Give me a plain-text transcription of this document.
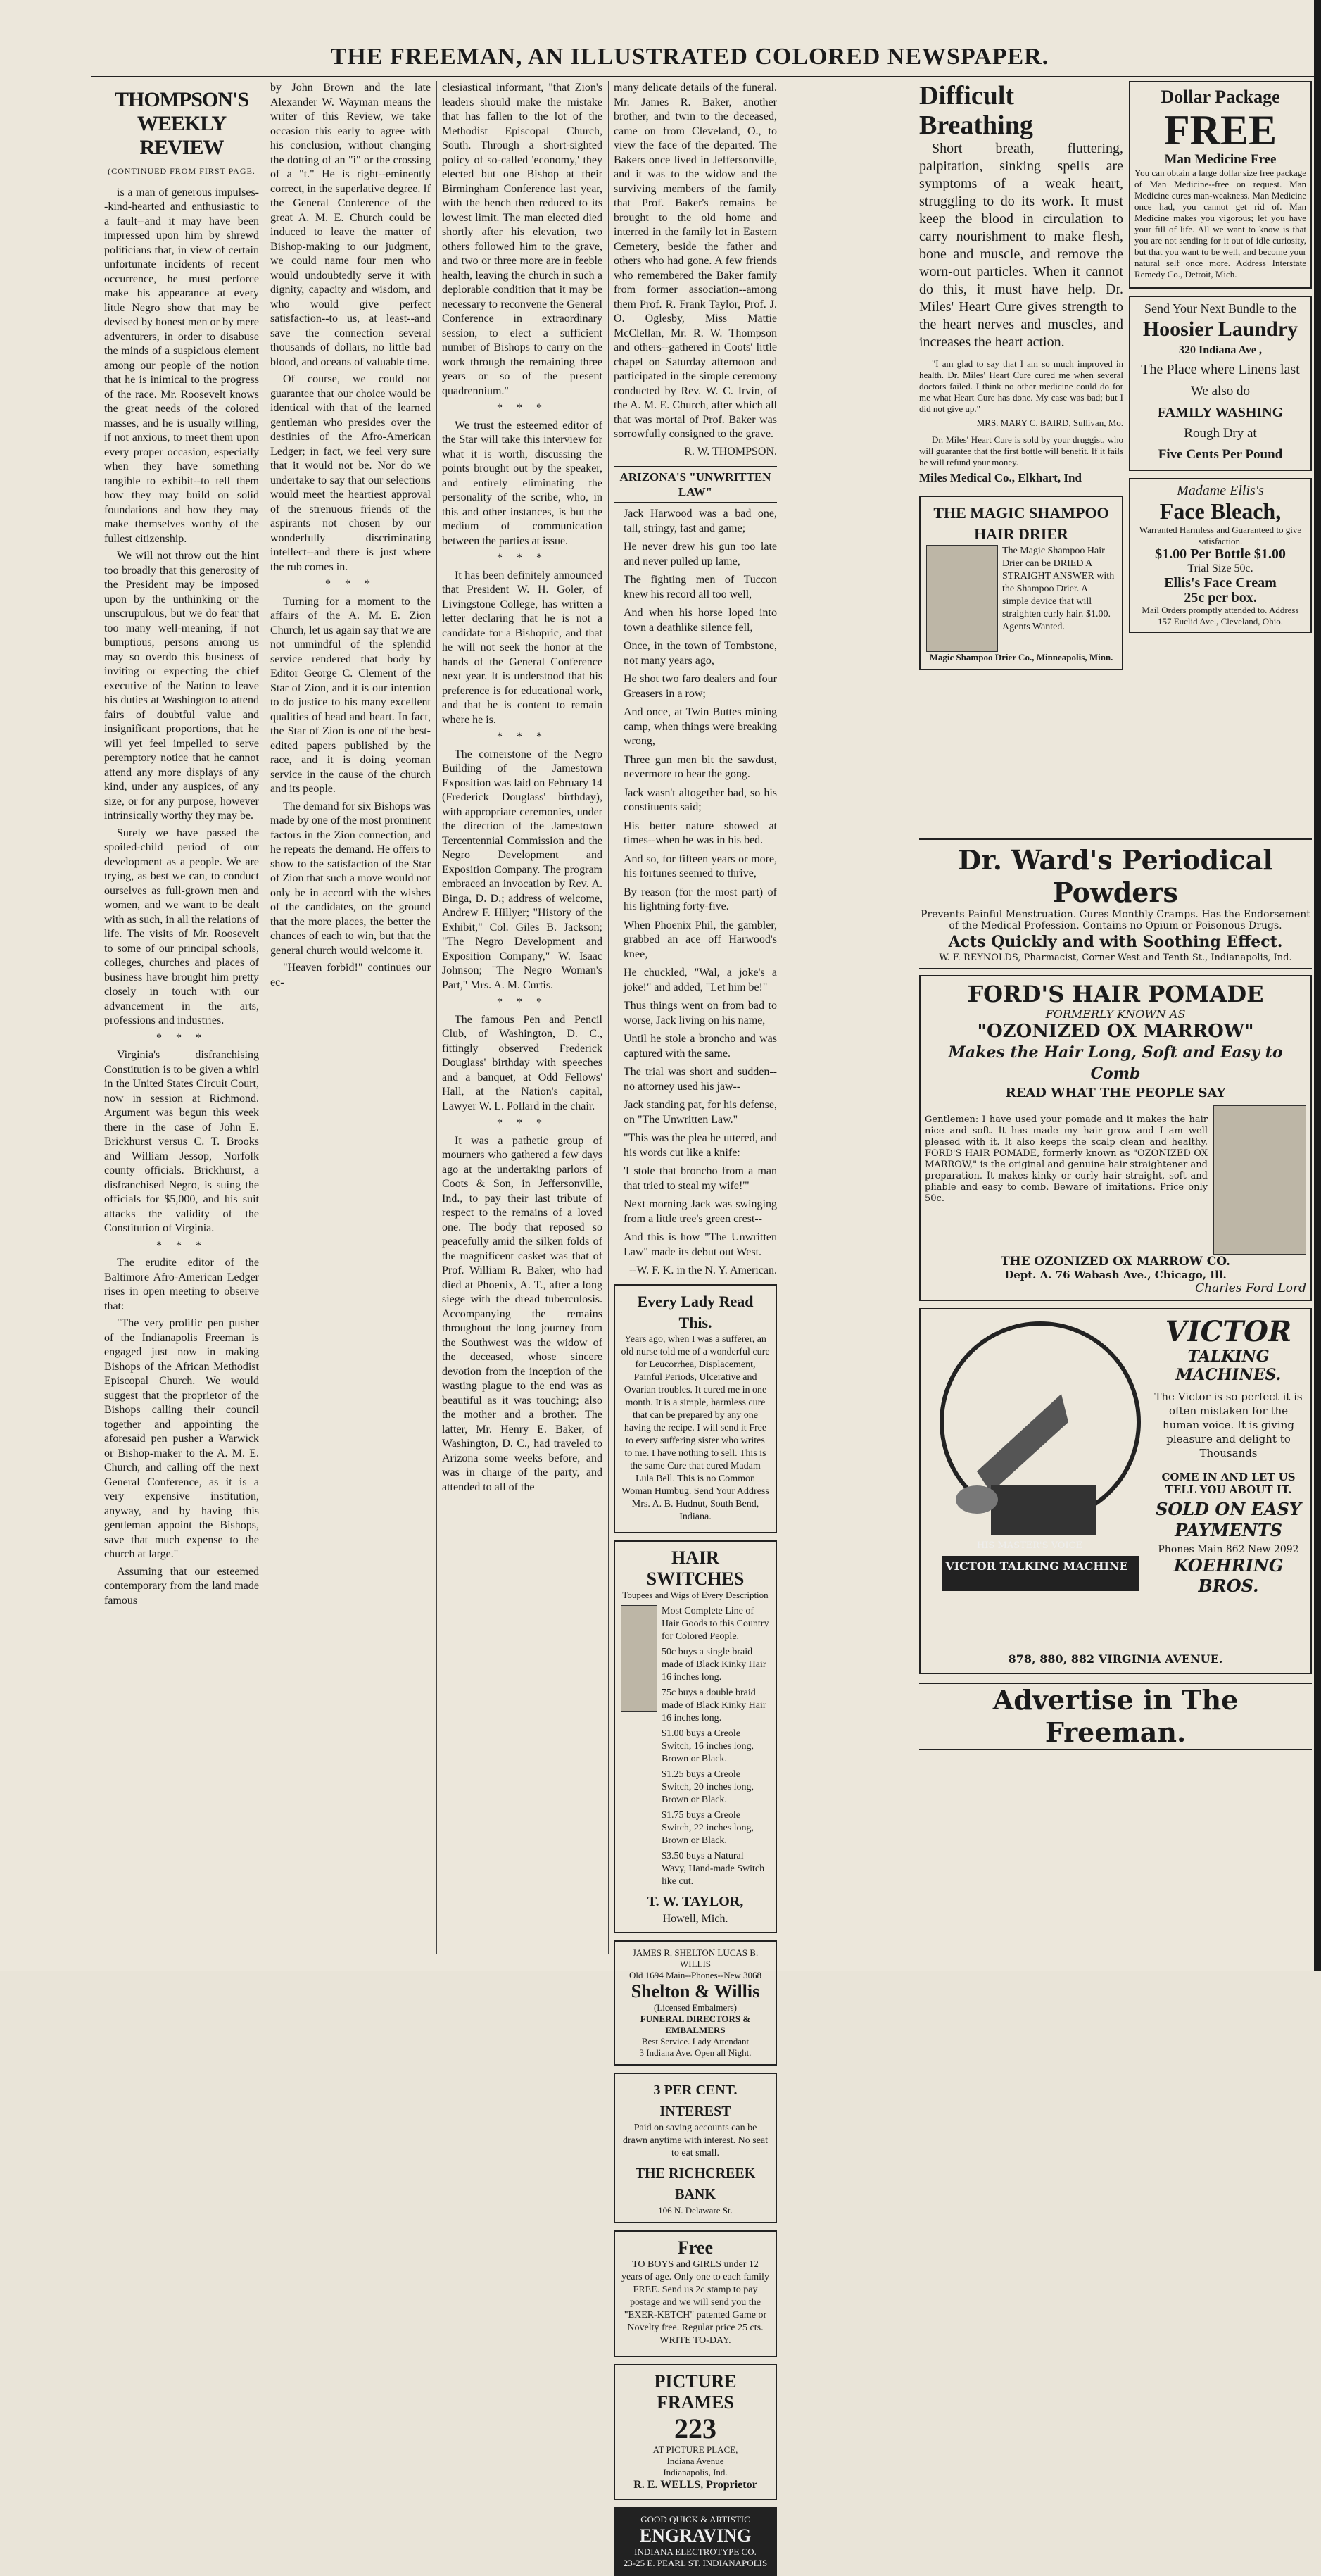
THE FREEMAN, AN ILLUSTRATED COLORED NEWSPAPER.
THOMPSON'S WEEKLY REVIEW
(CONTINUED FROM FIRST PAGE.

is a man of generous impulses--kind-hearted and enthusiastic to a fault--and it may have been impressed upon him by shrewd politicians that, in view of certain unfortunate incidents of recent occurrence, he must perforce make his appearance at every little Negro show that may be devised by honest men or by mere adventurers, in order to disabuse the minds of a suspicious element among our people of the notion that he is inimical to the progress of the race. Mr. Roosevelt knows the great needs of the colored masses, and he is usually willing, if not anxious, to meet them upon every proper occasion, especially when they have something tangible to exhibit--to tell them how they may build on solid foundations and how they may make themselves worthy of the fullest citizenship.

We will not throw out the hint too broadly that this generosity of the President may be imposed upon by the unthinking or the unscrupulous, but we do fear that too many well-meaning, if not bumptious, persons among us may so overdo this business of inviting or expecting the chief executive of the Nation to leave his duties at Washington to attend fairs of doubtful value and insignificant proportions, that he will yet feel impelled to serve peremptory notice that he cannot attend any more displays of any kind, under any auspices, of any size, or for any purpose, however intrinsically worthy they may be.

Surely we have passed the spoiled-child period of our development as a people. We are trying, as best we can, to conduct ourselves as full-grown men and women, and we want to be dealt with as such, in all the relations of life. The visits of Mr. Roosevelt to some of our principal schools, colleges, churches and places of business have brought him pretty closely in touch with our advancement in the arts, professions and industries.

* * *

Virginia's disfranchising Constitution is to be given a whirl in the United States Circuit Court, now in session at Richmond. Argument was begun this week there in the case of John E. Brickhurst versus C. T. Brooks and William Jessop, Norfolk county officials. Brickhurst, a disfranchised Negro, is suing the officials for $5,000, and his suit attacks the validity of the Constitution of Virginia.

* * *

The erudite editor of the Baltimore Afro-American Ledger rises in open meeting to observe that:

"The very prolific pen pusher of the Indianapolis Freeman is engaged just now in making Bishops of the African Methodist Episcopal Church. We would suggest that the proprietor of the Bishops calling their council together and appointing the aforesaid pen pusher a Warwick or Bishop-maker to the A. M. E. Church, and calling off the next General Conference, as it is a very expensive institution, anyway, and by having this gentleman appoint the Bishops, save that much expense to the church at large."

Assuming that our esteemed contemporary from the land made famous

by John Brown and the late Alexander W. Wayman means the writer of this Review, we take occasion this early to agree with his conclusion, without changing the dotting of an "i" or the crossing of a "t." He is right--eminently correct, in the superlative degree. If the General Conference of the great A. M. E. Church could be induced to leave the matter of Bishop-making to our judgment, we could name four men who would undoubtedly serve it with dignity, capacity and wisdom, and who would give perfect satisfaction--to us, at least--and save the connection several thousands of dollars, no little bad blood, and oceans of valuable time.

Of course, we could not guarantee that our choice would be identical with that of the learned gentleman who presides over the destinies of the Afro-American Ledger; in fact, we feel very sure that it would not be. Nor do we undertake to say that our selections would meet the heartiest approval of the strenuous friends of the aspirants not chosen by our wonderfully discriminating intellect--and there is just where the rub comes in.

* * *

Turning for a moment to the affairs of the A. M. E. Zion Church, let us again say that we are not unmindful of the splendid service rendered that body by Editor George C. Clement of the Star of Zion, and it is our intention to do justice to his many excellent qualities of head and heart. In fact, the Star of Zion is one of the best-edited papers published by the race, and it is doing yeoman service in the cause of the church and its people.

The demand for six Bishops was made by one of the most prominent factors in the Zion connection, and he repeats the demand. He offers to show to the satisfaction of the Star of Zion that such a move would not only be in accord with the wishes of the candidates, on the ground that the more places, the better the chances of each to win, but that the general church would welcome it.

"Heaven forbid!" continues our ec-

clesiastical informant, "that Zion's leaders should make the mistake that has fallen to the lot of the Methodist Episcopal Church, South. Through a short-sighted policy of so-called 'economy,' they elected but one Bishop at their Birmingham Conference last year, with the bench then reduced to its lowest limit. The man elected died shortly after his elevation, two others followed him to the grave, and two or three more are in feeble health, leaving the church in such a deplorable condition that it may be necessary to reconvene the General Conference in extraordinary session, to elect a sufficient number of Bishops to carry on the work through the remaining three years or so of the present quadrennium."

* * *

We trust the esteemed editor of the Star will take this interview for what it is worth, discussing the points brought out by the speaker, and entirely eliminating the personality of the scribe, who, in this and other instances, is but the medium of communication between the parties at issue.

* * *

It has been definitely announced that President W. H. Goler, of Livingstone College, has written a letter declaring that he is not a candidate for a Bishopric, and that he will not seek the honor at the hands of the General Conference next year. It is understood that his preference is for educational work, and that he is content to remain where he is.

* * *

The cornerstone of the Negro Building of the Jamestown Exposition was laid on February 14 (Frederick Douglass' birthday), with appropriate ceremonies, under the direction of the Jamestown Tercentennial Commission and the Negro Development and Exposition Company. The program embraced an invocation by Rev. A. Binga, D. D.; address of welcome, Andrew F. Hillyer; "History of the Exhibit," Col. Giles B. Jackson; "The Negro Development and Exposition Company," W. Isaac Johnson; "The Negro Woman's Part," Mrs. A. M. Curtis.

* * *

The famous Pen and Pencil Club, of Washington, D. C., fittingly observed Frederick Douglass' birthday with speeches and a banquet, at Odd Fellows' Hall, at the Nation's capital, Lawyer W. L. Pollard in the chair.

* * *

It was a pathetic group of mourners who gathered a few days ago at the undertaking parlors of Coots & Son, in Jeffersonville, Ind., to pay their last tribute of respect to the remains of a loved one. The body that reposed so peacefully amid the silken folds of the magnificent casket was that of Prof. William R. Baker, who had died at Phoenix, A. T., after a long siege with the dread tuberculosis. Accompanying the remains throughout the long journey from the Southwest was the widow of the deceased, whose sincere devotion from the inception of the wasting plague to the end was as beautiful as it was touching; also the mother and a brother. The latter, Mr. Henry E. Baker, of Washington, D. C., had traveled to Arizona some weeks before, and was in charge of the party, and attended to all of the

many delicate details of the funeral. Mr. James R. Baker, another brother, and twin to the deceased, came on from Cleveland, O., to view the face of the departed. The Bakers once lived in Jeffersonville, and it was to the widow and the surviving members of the family that Prof. Baker's remains be brought to the old home and interred in the family lot in Eastern Cemetery, beside the father and others who had gone. A few friends who remembered the Baker family from former association--among them Prof. R. Frank Taylor, Prof. J. O. Oglesby, Miss Mattie McClellan, Mr. R. W. Thompson and others--gathered in Coots' little chapel on Saturday afternoon and participated in the simple ceremony conducted by Rev. W. C. Irvin, of the A. M. E. Church, after which all that was mortal of Prof. Baker was sorrowfully consigned to the grave.

R. W. THOMPSON.
ARIZONA'S "UNWRITTEN LAW"

Jack Harwood was a bad one, tall, stringy, fast and game;

He never drew his gun too late and never pulled up lame,

The fighting men of Tuccon knew his record all too well,

And when his horse loped into town a deathlike silence fell,

Once, in the town of Tombstone, not many years ago,

He shot two faro dealers and four Greasers in a row;

And once, at Twin Buttes mining camp, when things were breaking wrong,

Three gun men bit the sawdust, nevermore to hear the gong.

Jack wasn't altogether bad, so his constituents said;

His better nature showed at times--when he was in his bed.

And so, for fifteen years or more, his fortunes seemed to thrive,

By reason (for the most part) of his lightning forty-five.

When Phoenix Phil, the gambler, grabbed an ace off Harwood's knee,

He chuckled, "Wal, a joke's a joke!" and added, "Let him be!"

Thus things went on from bad to worse, Jack living on his name,

Until he stole a broncho and was captured with the same.

The trial was short and sudden--no attorney used his jaw--

Jack standing pat, for his defense, on "The Unwritten Law."

"This was the plea he uttered, and his words cut like a knife:

'I stole that broncho from a man that tried to steal my wife!'"

Next morning Jack was swinging from a little tree's green crest--

And this is how "The Unwritten Law" made its debut out West.

--W. F. K. in the N. Y. American.
Every Lady Read This.

Years ago, when I was a sufferer, an old nurse told me of a wonderful cure for Leucorrhea, Displacement, Painful Periods, Ulcerative and Ovarian troubles. It cured me in one month. It is a simple, harmless cure that can be prepared by any one having the recipe. I will send it Free to every suffering sister who writes to me. I have nothing to sell. This is the same Cure that cured Madam Lula Bell. This is no Common Woman Humbug. Send Your Address Mrs. A. B. Hudnut, South Bend, Indiana.

HAIR SWITCHES
Toupees and Wigs of Every Description

Most Complete Line of Hair Goods to this Country for Colored People.

50c buys a single braid made of Black Kinky Hair 16 inches long.

75c buys a double braid made of Black Kinky Hair 16 inches long.

$1.00 buys a Creole Switch, 16 inches long, Brown or Black.

$1.25 buys a Creole Switch, 20 inches long, Brown or Black.

$1.75 buys a Creole Switch, 22 inches long, Brown or Black.

$3.50 buys a Natural Wavy, Hand-made Switch like cut.

T. W. TAYLOR,
Howell, Mich.
JAMES R. SHELTON LUCAS B. WILLIS
Old 1694 Main--Phones--New 3068
Shelton & Willis
(Licensed Embalmers)
FUNERAL DIRECTORS & EMBALMERS
Best Service. Lady Attendant
3 Indiana Ave. Open all Night.
3 PER CENT. INTEREST

Paid on saving accounts can be drawn anytime with interest. No seat to eat small.

THE RICHCREEK BANK
106 N. Delaware St.
Free

TO BOYS and GIRLS under 12 years of age. Only one to each family FREE. Send us 2c stamp to pay postage and we will send you the "EXER-KETCH" patented Game or Novelty free. Regular price 25 cts. WRITE TO-DAY.

PICTURE FRAMES
223
AT PICTURE PLACE,
Indiana Avenue
Indianapolis, Ind.
R. E. WELLS, Proprietor
GOOD QUICK & ARTISTIC
ENGRAVING
INDIANA ELECTROTYPE CO.
23-25 E. PEARL ST. INDIANAPOLIS
Difficult Breathing

Short breath, fluttering, palpitation, sinking spells are symptoms of a weak heart, struggling to do its work. It must keep the blood in circulation to carry nourishment to make flesh, bone and muscle, and remove the worn-out particles. When it cannot do this, it must have help. Dr. Miles' Heart Cure gives strength to the heart nerves and muscles, and increases the heart action.

"I am glad to say that I am so much improved in health. Dr. Miles' Heart Cure cured me when several doctors failed. I think no other medicine could do for me what Heart Cure has done. My case was bad; but I did not give up."

MRS. MARY C. BAIRD, Sullivan, Mo.

Dr. Miles' Heart Cure is sold by your druggist, who will guarantee that the first bottle will benefit. If it fails he will refund your money.

Miles Medical Co., Elkhart, Ind
THE MAGIC SHAMPOO HAIR DRIER

The Magic Shampoo Hair Drier can be DRIED A STRAIGHT ANSWER with the Shampoo Drier. A simple device that will straighten curly hair. $1.00. Agents Wanted.

Magic Shampoo Drier Co., Minneapolis, Minn.
Dollar Package
FREE
Man Medicine Free

You can obtain a large dollar size free package of Man Medicine--free on request. Man Medicine cures man-weakness. Man Medicine once had, you cannot get rid of. Man Medicine makes you vigorous; let you have your fill of life. All we want to know is that you are not sending for it out of idle curiosity, but that you want to be well, and become your natural self once more. Address Interstate Remedy Co., Detroit, Mich.

Send Your Next Bundle to the
Hoosier Laundry
320 Indiana Ave ,
The Place where Linens last
We also do
FAMILY WASHING
Rough Dry at
Five Cents Per Pound
Madame Ellis's
Face Bleach,
Warranted Harmless and Guaranteed to give satisfaction.
$1.00 Per Bottle $1.00
Trial Size 50c.
Ellis's Face Cream
25c per box.
Mail Orders promptly attended to. Address 157 Euclid Ave., Cleveland, Ohio.
Dr. Ward's Periodical Powders
Prevents Painful Menstruation. Cures Monthly Cramps. Has the Endorsement of the Medical Profession. Contains no Opium or Poisonous Drugs.
Acts Quickly and with Soothing Effect.
W. F. REYNOLDS, Pharmacist, Corner West and Tenth St., Indianapolis, Ind.
FORD'S HAIR POMADE
FORMERLY KNOWN AS
"OZONIZED OX MARROW"
Makes the Hair Long, Soft and Easy to Comb
READ WHAT THE PEOPLE SAY

Gentlemen: I have used your pomade and it makes the hair nice and soft. It has made my hair grow and I am well pleased with it. It also keeps the scalp clean and healthy. FORD'S HAIR POMADE, formerly known as "OZONIZED OX MARROW," is the original and genuine hair straightener and preparation. It makes kinky or curly hair straight, soft and pliable and easy to comb. Beware of imitations. Price only 50c.

THE OZONIZED OX MARROW CO.
Dept. A. 76 Wabash Ave., Chicago, Ill.
Charles Ford Lord
HIS MASTER'S VOICE
VICTOR TALKING MACHINE
VICTOR
TALKING MACHINES.

The Victor is so perfect it is often mistaken for the human voice. It is giving pleasure and delight to Thousands

COME IN AND LET US
TELL YOU ABOUT IT.
SOLD ON EASY PAYMENTS
Phones Main 862 New 2092
KOEHRING BROS.
878, 880, 882 VIRGINIA AVENUE.
Advertise in The Freeman.
